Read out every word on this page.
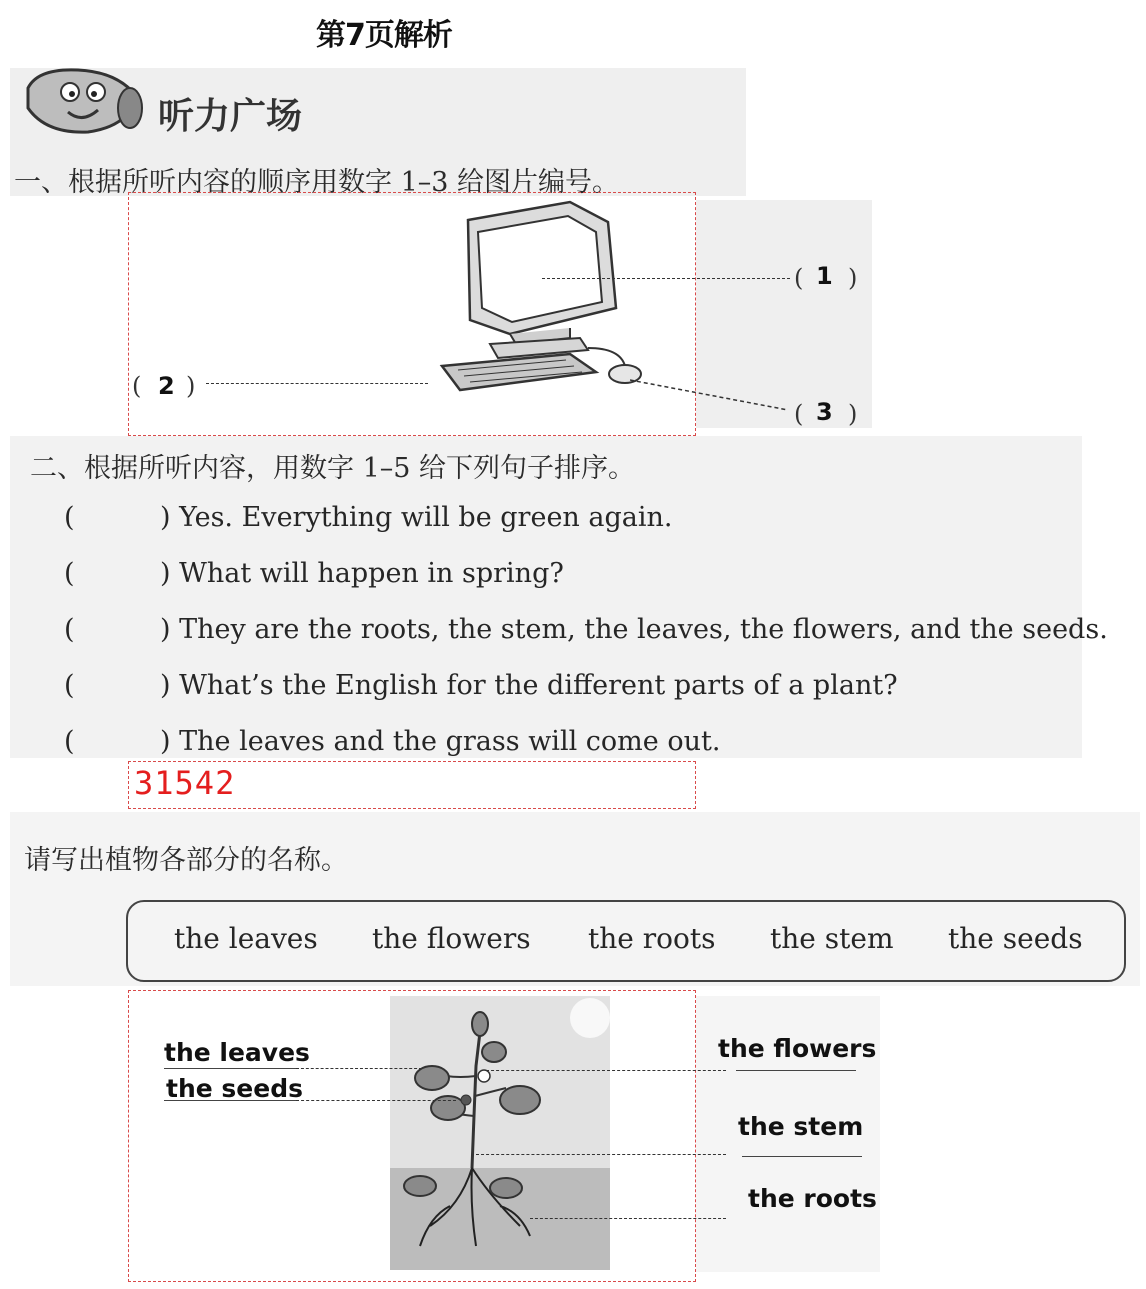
第7页解析
听力广场
一、根据所听内容的顺序用数字 1–3 给图片编号。
( 1 )
( 2 )
( 3 )
二、根据所听内容，用数字 1–5 给下列句子排序。
(	) Yes. Everything will be green again.
(	) What will happen in spring?
(	) They are the roots, the stem, the leaves, the flowers, and the seeds.
(	) What’s the English for the different parts of a plant?
(	) The leaves and the grass will come out.
31542
请写出植物各部分的名称。
the leaves the flowers the roots the stem the seeds
the leaves
the seeds
the flowers
the stem
the roots
